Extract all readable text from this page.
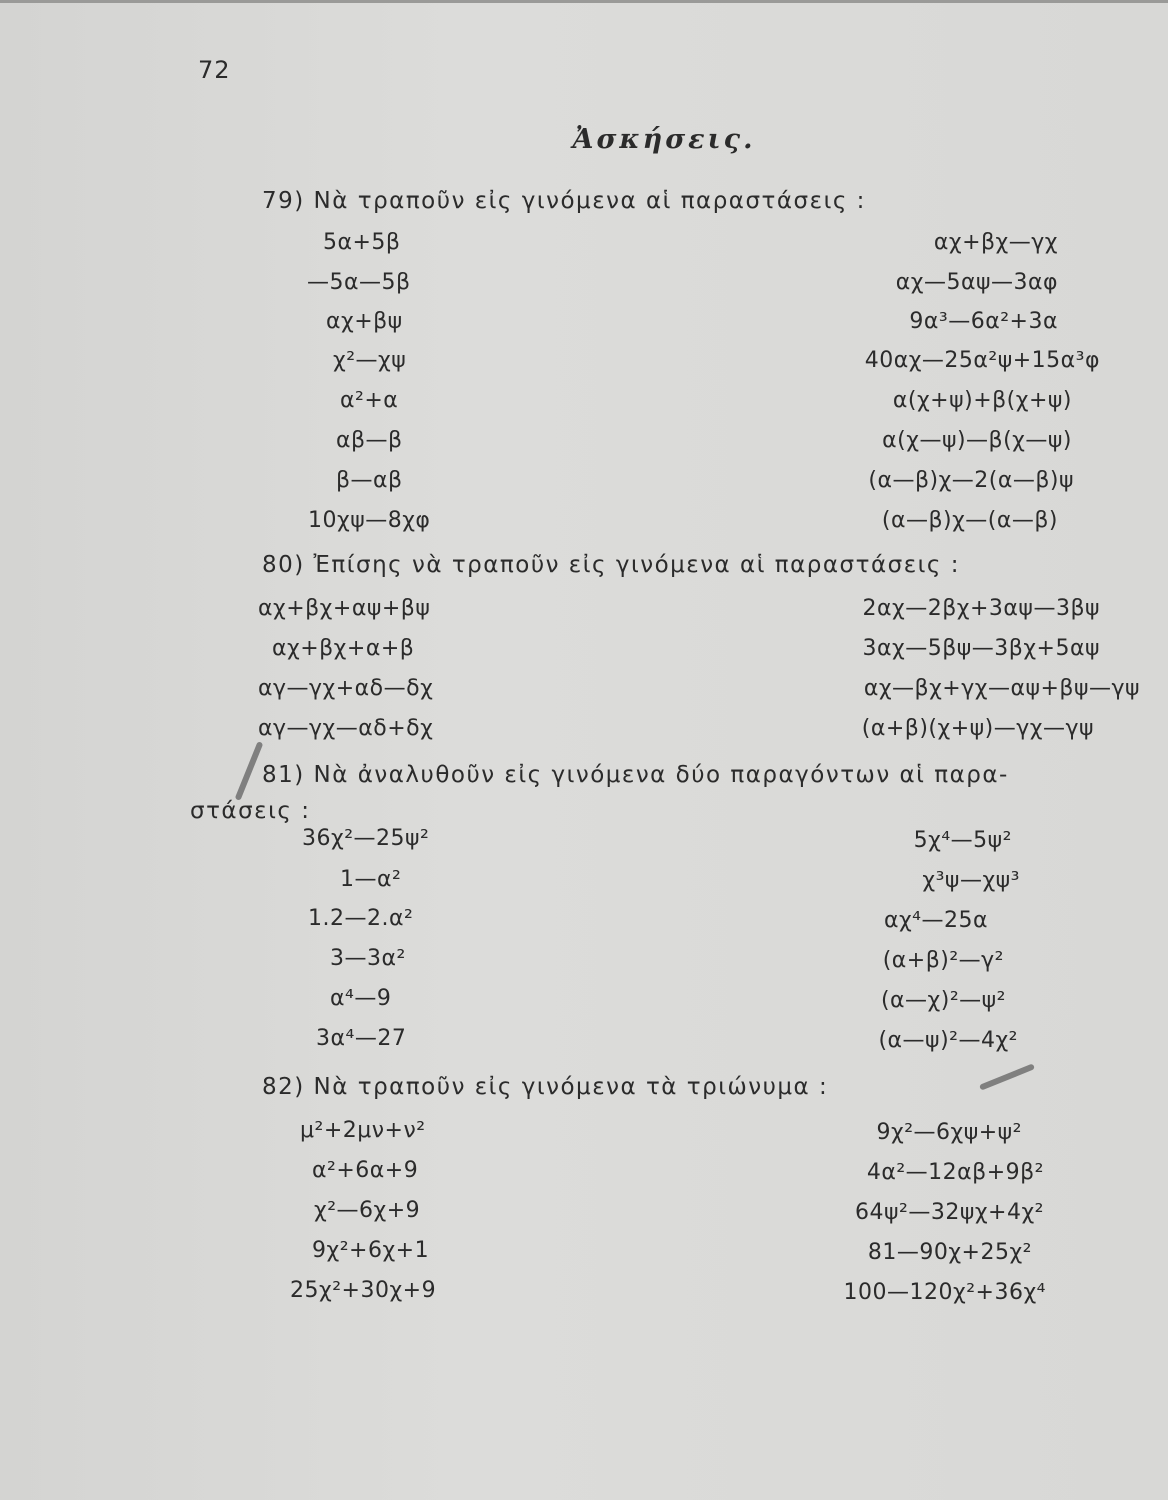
72
Ἀσκήσεις.
79) Νὰ τραποῦν εἰς γινόμενα αἱ παραστάσεις :
5α+5β
—5α—5β
αχ+βψ
χ²—χψ
α²+α
αβ—β
β—αβ
10χψ—8χφ
αχ+βχ—γχ
αχ—5αψ—3αφ
9α³—6α²+3α
40αχ—25α²ψ+15α³φ
α(χ+ψ)+β(χ+ψ)
α(χ—ψ)—β(χ—ψ)
(α—β)χ—2(α—β)ψ
(α—β)χ—(α—β)
80) Ἐπίσης νὰ τραποῦν εἰς γινόμενα αἱ παραστάσεις :
αχ+βχ+αψ+βψ
αχ+βχ+α+β
αγ—γχ+αδ—δχ
αγ—γχ—αδ+δχ
2αχ—2βχ+3αψ—3βψ
3αχ—5βψ—3βχ+5αψ
αχ—βχ+γχ—αψ+βψ—γψ
(α+β)(χ+ψ)—γχ—γψ
81) Νὰ ἀναλυθοῦν εἰς γινόμενα δύο παραγόντων αἱ παρα-
στάσεις :
36χ²—25ψ²
1—α²
1.2—2.α²
3—3α²
α⁴—9
3α⁴—27
5χ⁴—5ψ²
χ³ψ—χψ³
αχ⁴—25α
(α+β)²—γ²
(α—χ)²—ψ²
(α—ψ)²—4χ²
82) Νὰ τραποῦν εἰς γινόμενα τὰ τριώνυμα :
μ²+2μν+ν²
α²+6α+9
χ²—6χ+9
9χ²+6χ+1
25χ²+30χ+9
9χ²—6χψ+ψ²
4α²—12αβ+9β²
64ψ²—32ψχ+4χ²
81—90χ+25χ²
100—120χ²+36χ⁴
